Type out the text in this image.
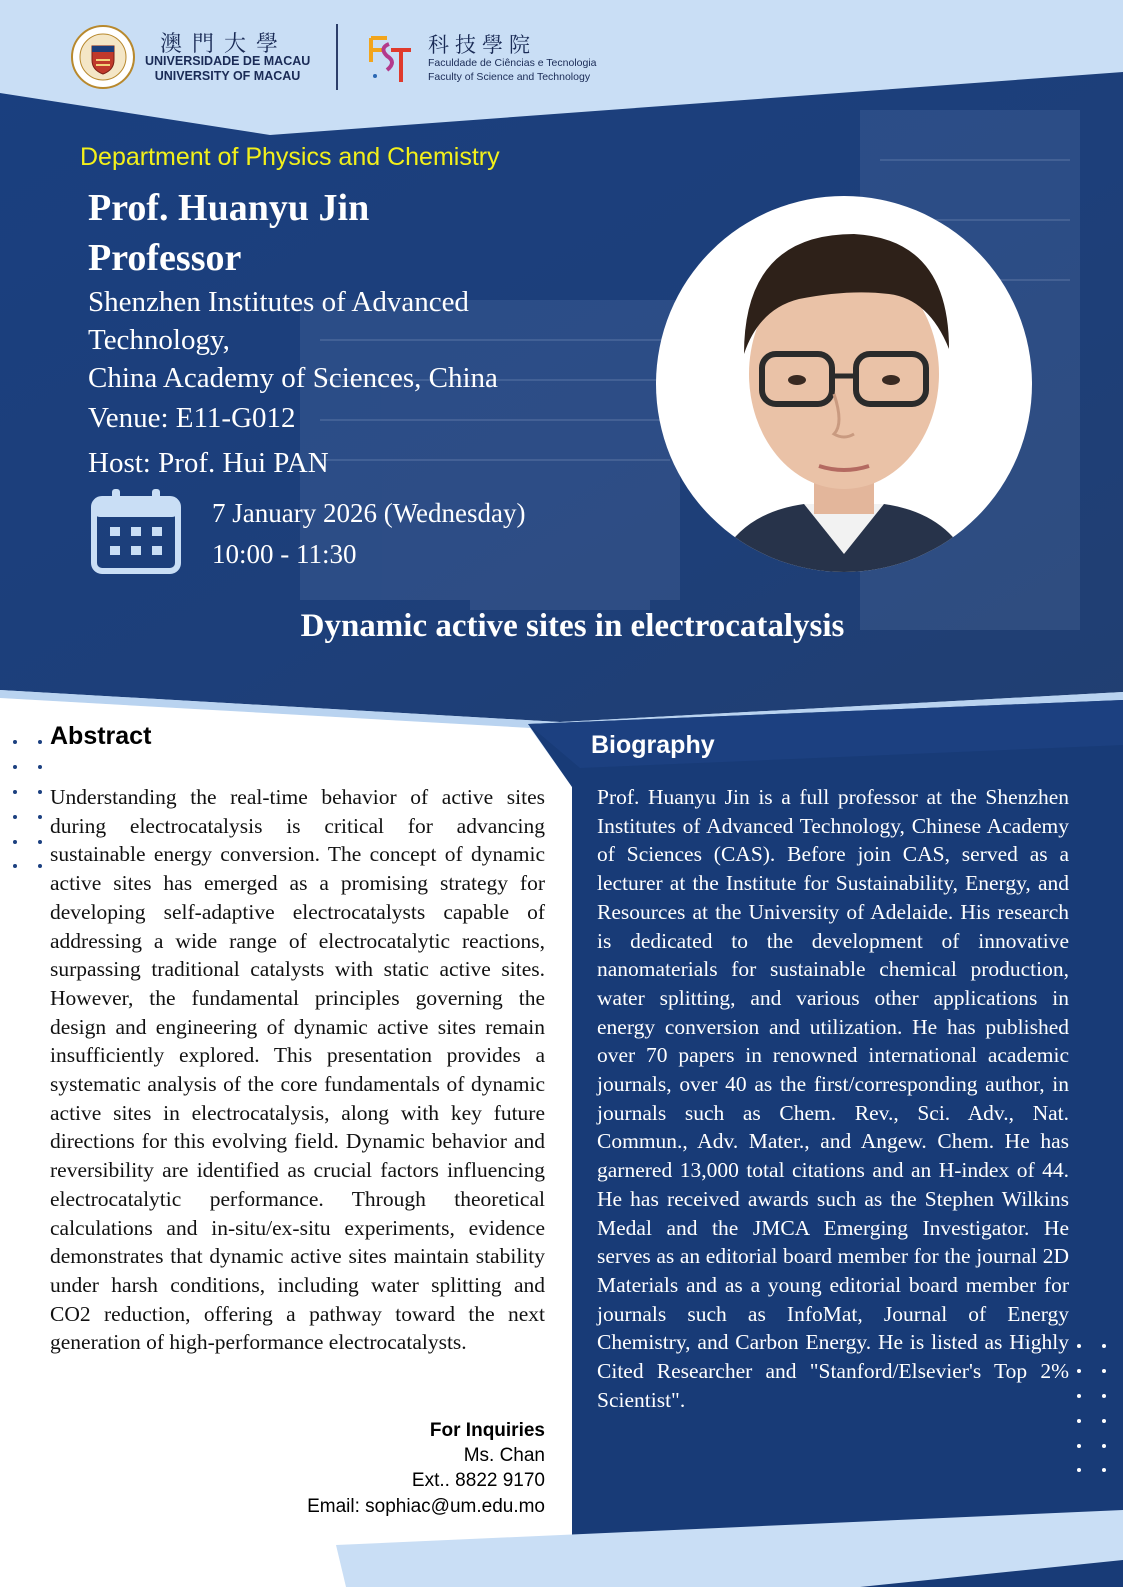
澳門大學
UNIVERSIDADE DE MACAU
UNIVERSITY OF MACAU
科技學院
Faculdade de Ciências e Tecnologia
Faculty of Science and Technology
Department of Physics and Chemistry
Prof. Huanyu Jin
Professor
Shenzhen Institutes of Advanced Technology,
China Academy of Sciences, China
Venue: E11-G012
Host: Prof. Hui PAN
7 January 2026 (Wednesday)
10:00 - 11:30
Dynamic active sites in electrocatalysis
Abstract
Understanding the real-time behavior of active sites during electrocatalysis is critical for advancing sustainable energy conversion. The concept of dynamic active sites has emerged as a promising strategy for developing self-adaptive electrocatalysts capable of addressing a wide range of electrocatalytic reactions, surpassing traditional catalysts with static active sites. However, the fundamental principles governing the design and engineering of dynamic active sites remain insufficiently explored. This presentation provides a systematic analysis of the core fundamentals of dynamic active sites in electrocatalysis, along with key future directions for this evolving field. Dynamic behavior and reversibility are identified as crucial factors influencing electrocatalytic performance. Through theoretical calculations and in-situ/ex-situ experiments, evidence demonstrates that dynamic active sites maintain stability under harsh conditions, including water splitting and CO2 reduction, offering a pathway toward the next generation of high-performance electrocatalysts.
For Inquiries
Ms. Chan
Ext.. 8822 9170
Email: sophiac@um.edu.mo
Biography
Prof. Huanyu Jin is a full professor at the Shenzhen Institutes of Advanced Technology, Chinese Academy of Sciences (CAS). Before join CAS, served as a lecturer at the Institute for Sustainability, Energy, and Resources at the University of Adelaide. His research is dedicated to the development of innovative nanomaterials for sustainable chemical production, water splitting, and various other applications in energy conversion and utilization. He has published over 70 papers in renowned international academic journals, over 40 as the first/corresponding author, in journals such as Chem. Rev., Sci. Adv., Nat. Commun., Adv. Mater., and Angew. Chem. He has garnered 13,000 total citations and an H-index of 44. He has received awards such as the Stephen Wilkins Medal and the JMCA Emerging Investigator. He serves as an editorial board member for the journal 2D Materials and as a young editorial board member for journals such as InfoMat, Journal of Energy Chemistry, and Carbon Energy. He is listed as Highly Cited Researcher and "Stanford/Elsevier's Top 2% Scientist".
